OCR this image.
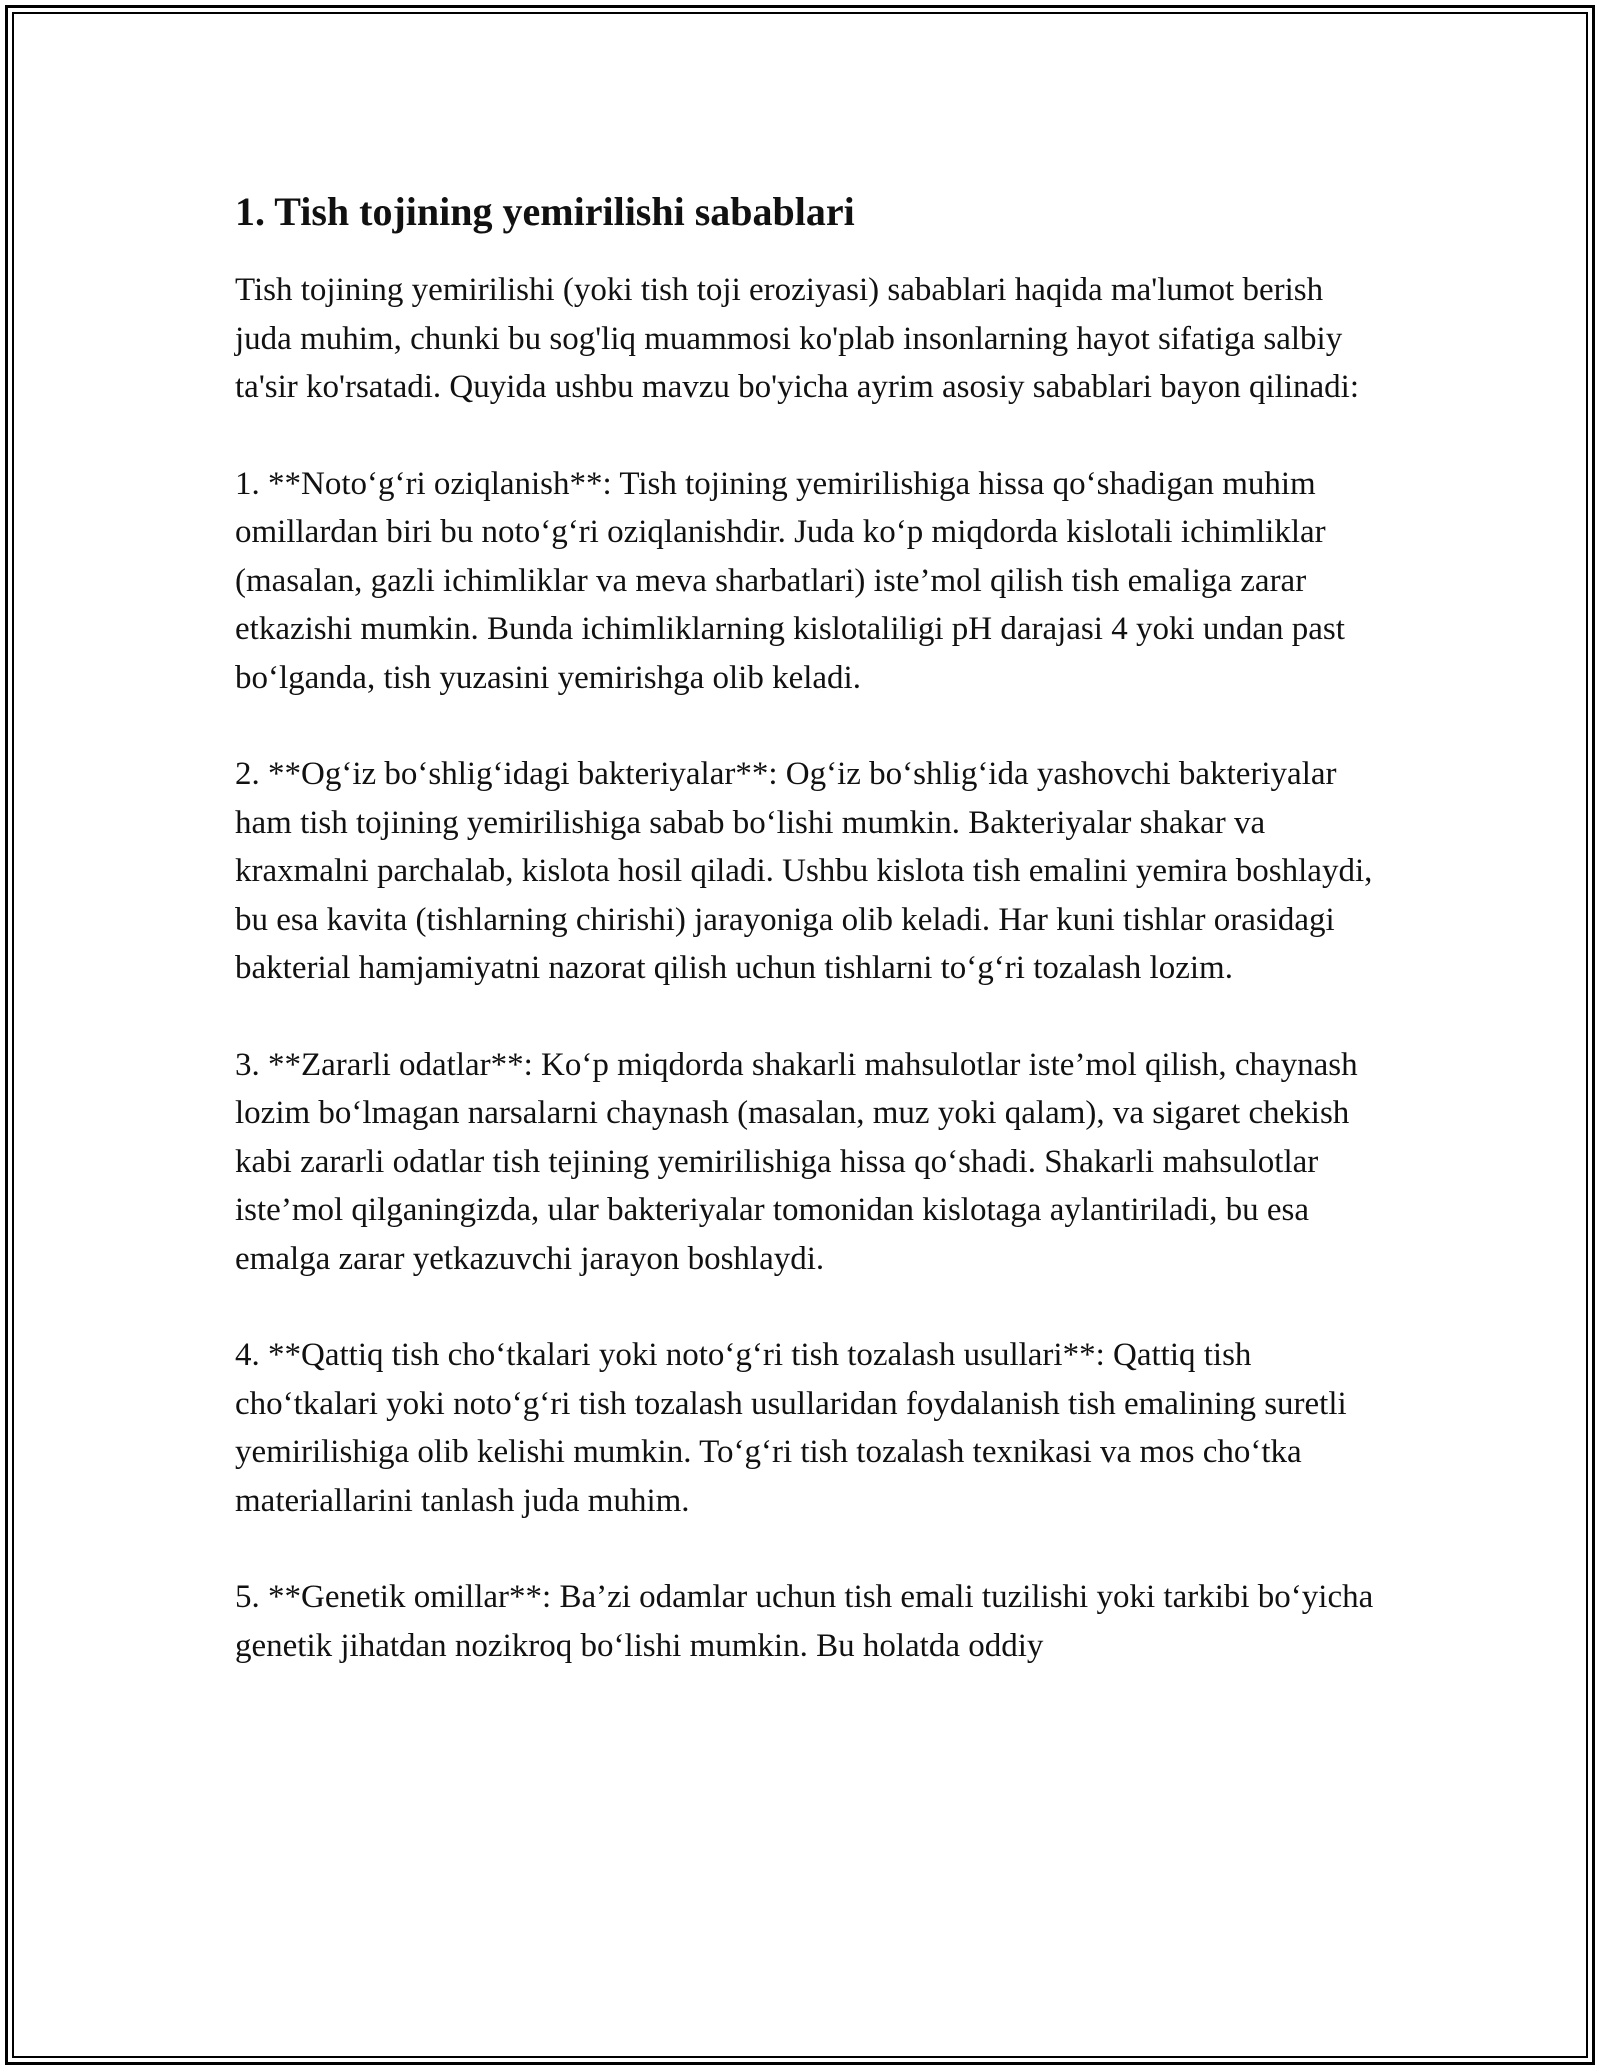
1. Tish tojining yemirilishi sabablari

Tish tojining yemirilishi (yoki tish toji eroziyasi) sabablari haqida ma'lumot berish juda muhim, chunki bu sog'liq muammosi ko'plab insonlarning hayot sifatiga salbiy ta'sir ko'rsatadi. Quyida ushbu mavzu bo'yicha ayrim asosiy sabablari bayon qilinadi:

1. **Noto‘g‘ri oziqlanish**: Tish tojining yemirilishiga hissa qo‘shadigan muhim omillardan biri bu noto‘g‘ri oziqlanishdir. Juda ko‘p miqdorda kislotali ichimliklar (masalan, gazli ichimliklar va meva sharbatlari) iste’mol qilish tish emaliga zarar etkazishi mumkin. Bunda ichimliklarning kislotaliligi pH darajasi 4 yoki undan past bo‘lganda, tish yuzasini yemirishga olib keladi.

2. **Og‘iz bo‘shlig‘idagi bakteriyalar**: Og‘iz bo‘shlig‘ida yashovchi bakteriyalar ham tish tojining yemirilishiga sabab bo‘lishi mumkin. Bakteriyalar shakar va kraxmalni parchalab, kislota hosil qiladi. Ushbu kislota tish emalini yemira boshlaydi, bu esa kavita (tishlarning chirishi) jarayoniga olib keladi. Har kuni tishlar orasidagi bakterial hamjamiyatni nazorat qilish uchun tishlarni to‘g‘ri tozalash lozim.

3. **Zararli odatlar**: Ko‘p miqdorda shakarli mahsulotlar iste’mol qilish, chaynash lozim bo‘lmagan narsalarni chaynash (masalan, muz yoki qalam), va sigaret chekish kabi zararli odatlar tish tejining yemirilishiga hissa qo‘shadi. Shakarli mahsulotlar iste’mol qilganingizda, ular bakteriyalar tomonidan kislotaga aylantiriladi, bu esa emalga zarar yetkazuvchi jarayon boshlaydi.

4. **Qattiq tish cho‘tkalari yoki noto‘g‘ri tish tozalash usullari**: Qattiq tish cho‘tkalari yoki noto‘g‘ri tish tozalash usullaridan foydalanish tish emalining suretli yemirilishiga olib kelishi mumkin. To‘g‘ri tish tozalash texnikasi va mos cho‘tka materiallarini tanlash juda muhim.

5. **Genetik omillar**: Ba’zi odamlar uchun tish emali tuzilishi yoki tarkibi bo‘yicha genetik jihatdan nozikroq bo‘lishi mumkin. Bu holatda oddiy
